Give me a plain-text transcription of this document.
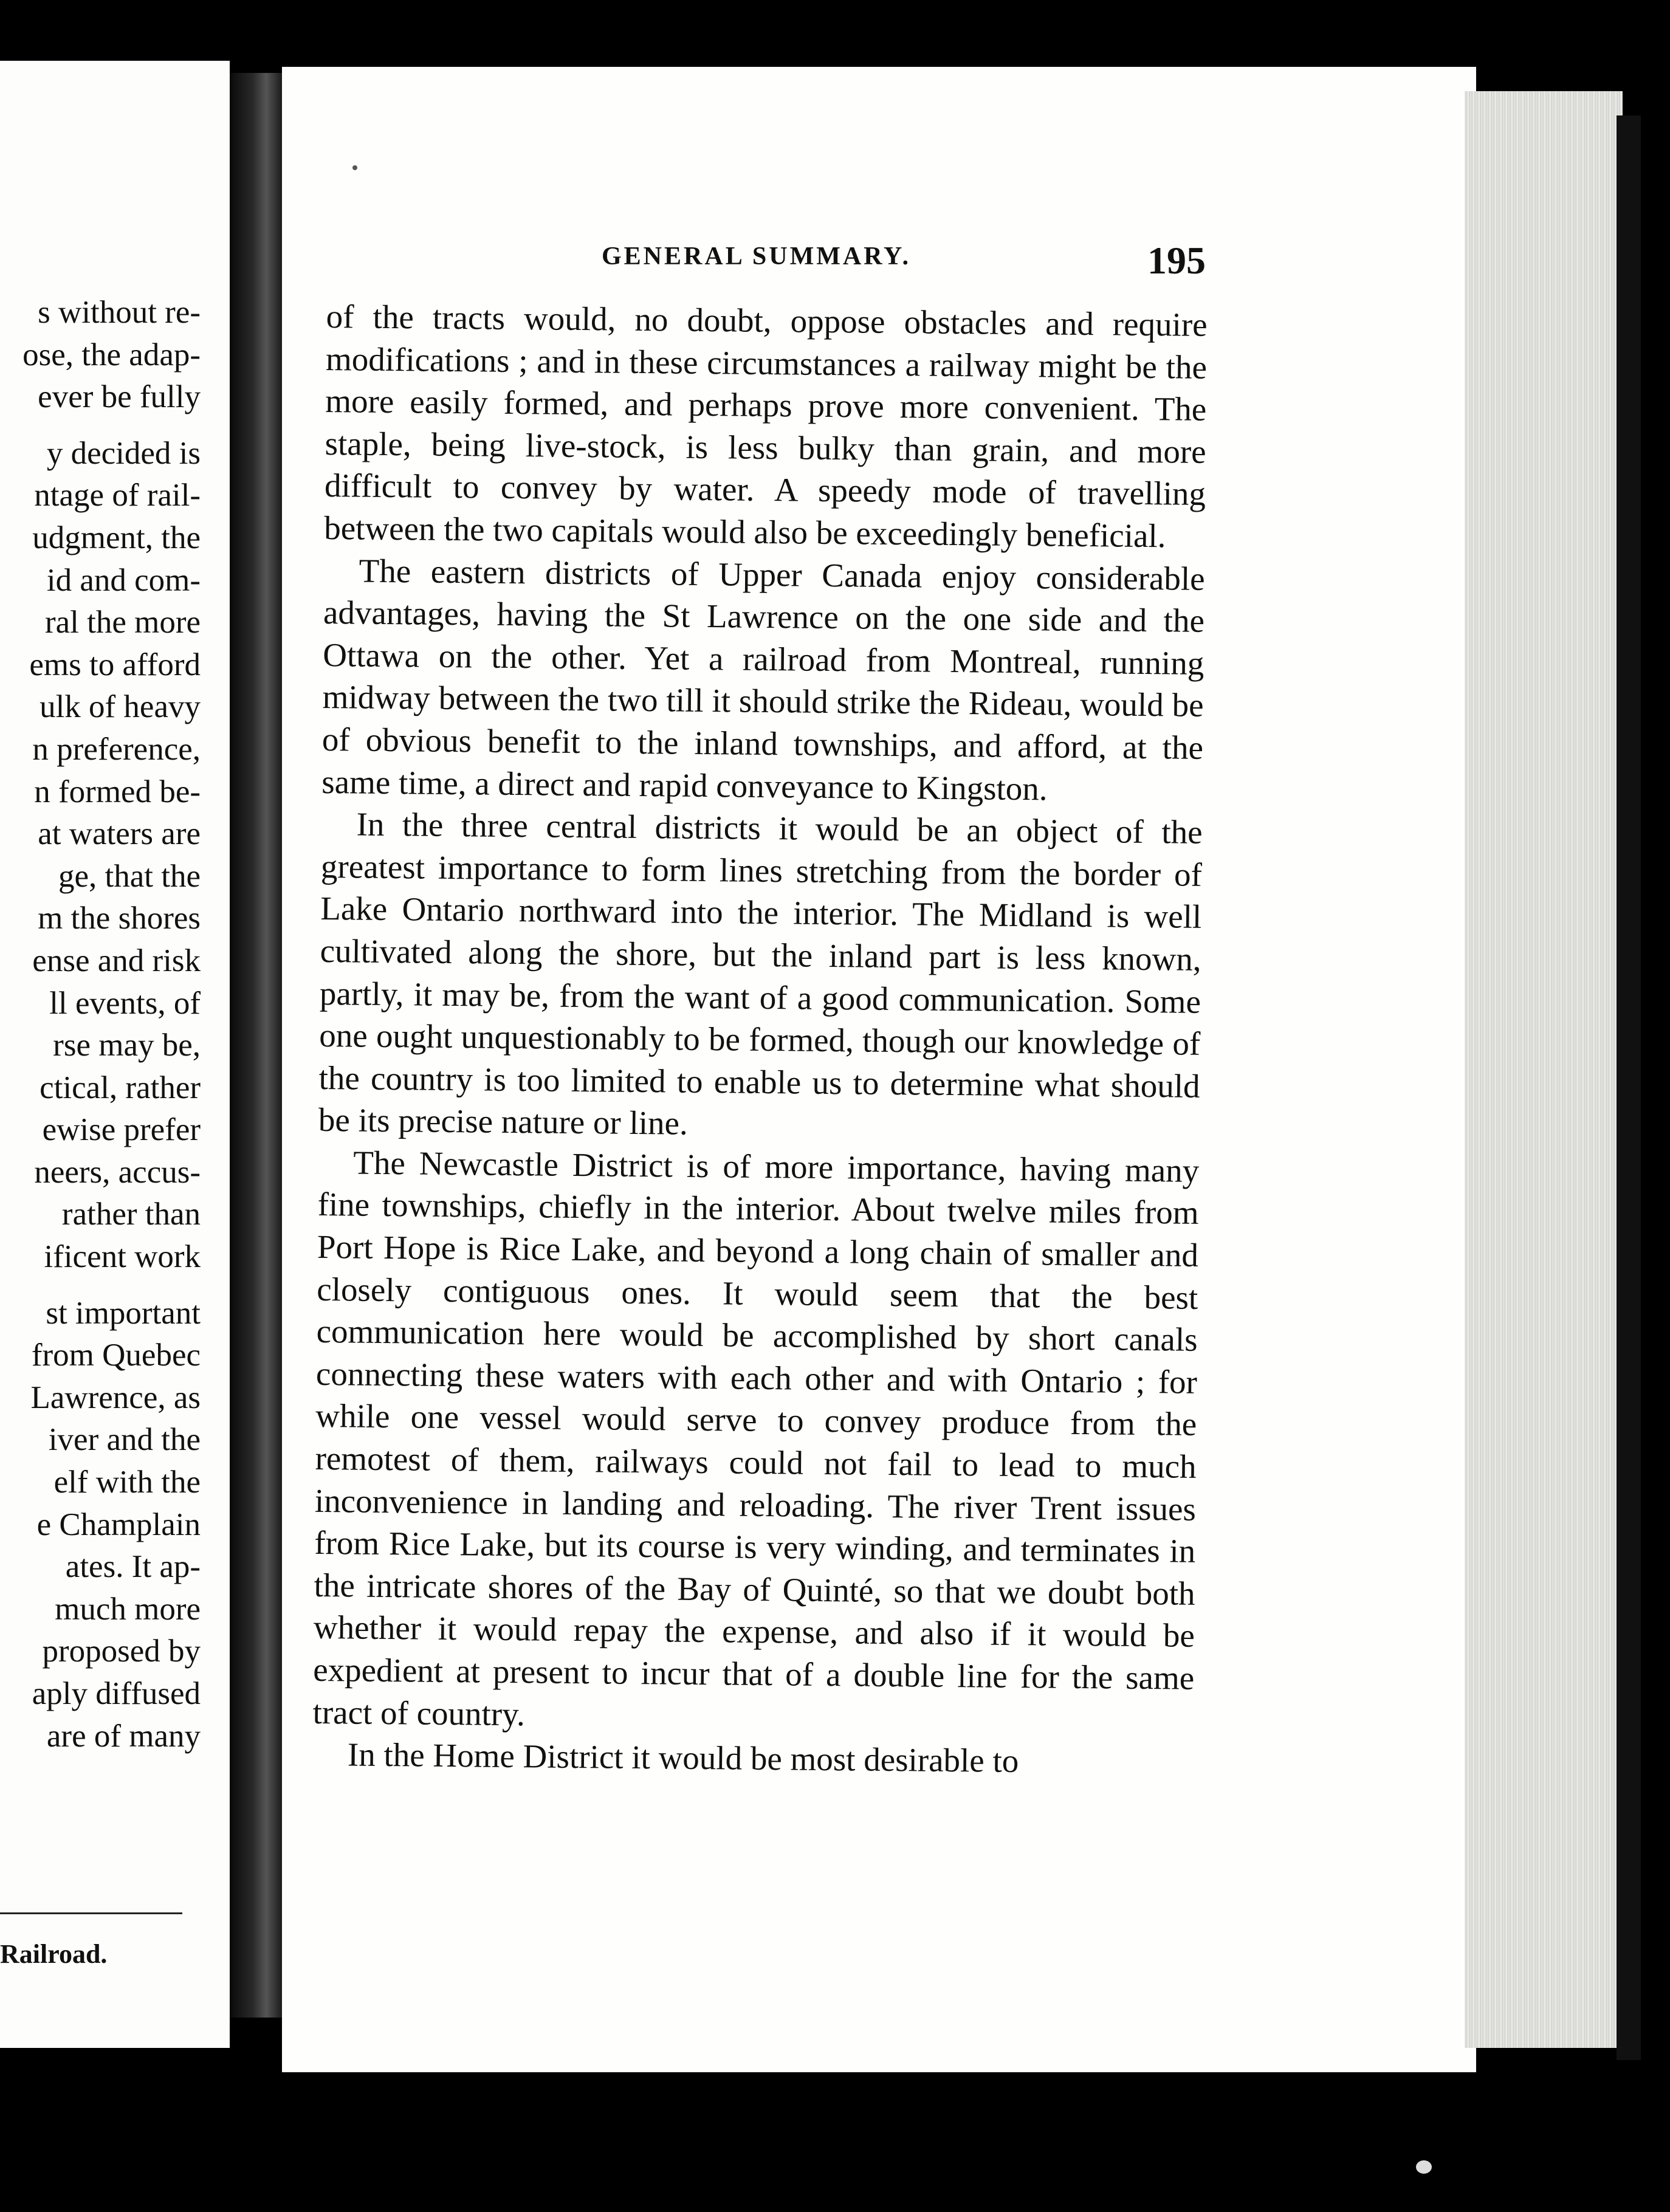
s without re-
ose, the adap-
ever be fully
y decided is
ntage of rail-
udgment, the
id and com-
ral the more
ems to afford
ulk of heavy
n preference,
n formed be-
at waters are
ge, that the
m the shores
ense and risk
ll events, of
rse may be,
ctical, rather
ewise prefer
neers, accus-
rather than
ificent work
st important
from Quebec
Lawrence, as
iver and the
elf with the
e Champlain
ates. It ap-
much more
proposed by
aply diffused
are of many
Railroad.
GENERAL SUMMARY.	195

of the tracts would, no doubt, oppose obstacles and require modifications ; and in these circumstances a railway might be the more easily formed, and perhaps prove more convenient. The staple, being live-stock, is less bulky than grain, and more difficult to convey by water. A speedy mode of travelling between the two capitals would also be exceedingly beneficial.

The eastern districts of Upper Canada enjoy considerable advantages, having the St Lawrence on the one side and the Ottawa on the other. Yet a railroad from Montreal, running midway between the two till it should strike the Rideau, would be of obvious benefit to the inland townships, and afford, at the same time, a direct and rapid conveyance to Kingston.

In the three central districts it would be an object of the greatest importance to form lines stretching from the border of Lake Ontario northward into the interior. The Midland is well cultivated along the shore, but the inland part is less known, partly, it may be, from the want of a good communication. Some one ought unquestionably to be formed, though our knowledge of the country is too limited to enable us to determine what should be its precise nature or line.

The Newcastle District is of more importance, having many fine townships, chiefly in the interior. About twelve miles from Port Hope is Rice Lake, and beyond a long chain of smaller and closely contiguous ones. It would seem that the best communication here would be accomplished by short canals connecting these waters with each other and with Ontario ; for while one vessel would serve to convey produce from the remotest of them, railways could not fail to lead to much inconvenience in landing and reloading. The river Trent issues from Rice Lake, but its course is very winding, and terminates in the intricate shores of the Bay of Quinté, so that we doubt both whether it would repay the expense, and also if it would be expedient at present to incur that of a double line for the same tract of country.

In the Home District it would be most desirable to
